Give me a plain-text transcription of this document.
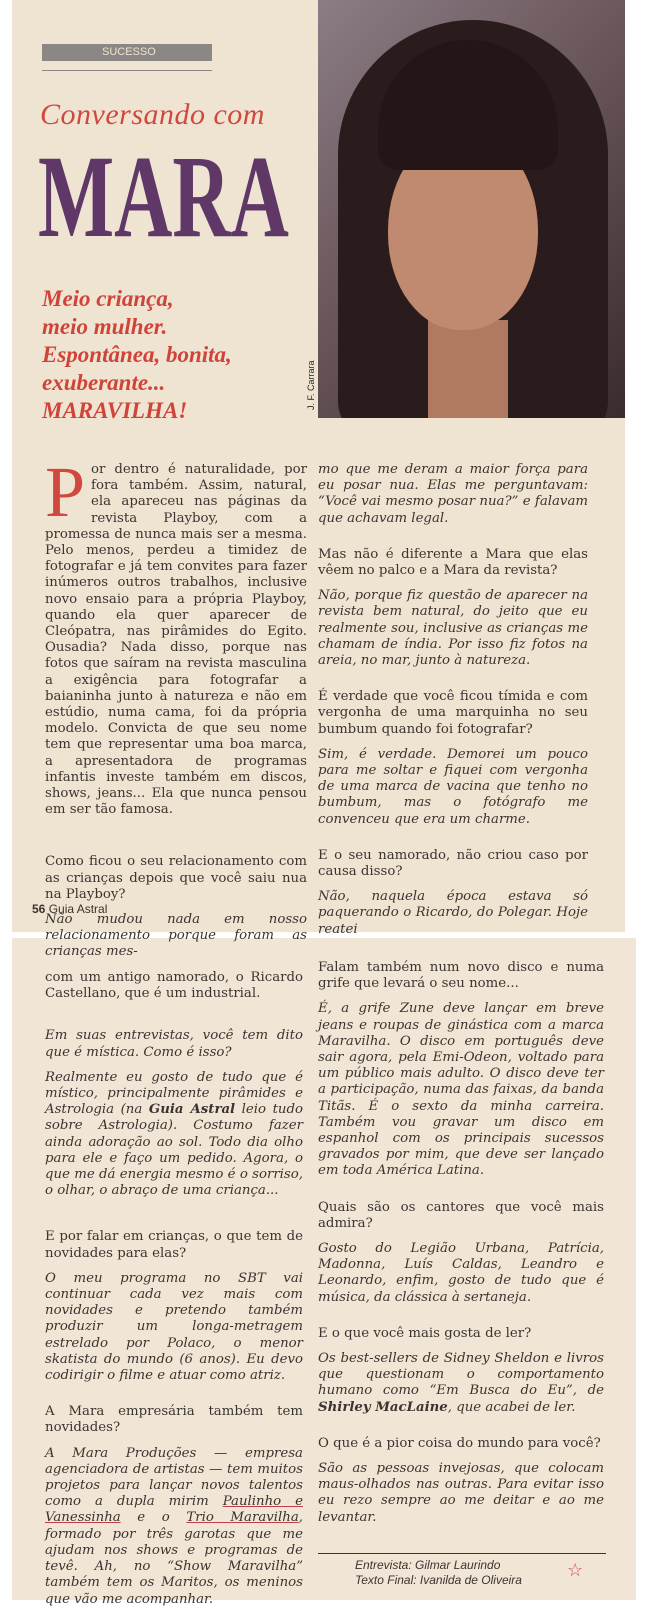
SUCESSO
Conversando com
MARA
Meio criança,
meio mulher.
Espontânea, bonita,
exuberante...
MARAVILHA!
J. F. Carrara

Por dentro é naturalidade, por fora também. Assim, natural, ela apareceu nas páginas da revista Playboy, com a promessa de nunca mais ser a mesma. Pelo menos, perdeu a timidez de fotografar e já tem convites para fazer inúmeros outros trabalhos, inclusive novo ensaio para a própria Playboy, quando ela quer aparecer de Cleópatra, nas pirâmides do Egito. Ousadia? Nada disso, porque nas fotos que saíram na revista masculina a exigência para fotografar a baianinha junto à natureza e não em estúdio, numa cama, foi da própria modelo. Convicta de que seu nome tem que representar uma boa marca, a apresentadora de programas infantis investe também em discos, shows, jeans... Ela que nunca pensou em ser tão famosa.

Como ficou o seu relacionamento com as crianças depois que você saiu nua na Playboy?

Não mudou nada em nosso relacionamento porque foram as crianças mes-

mo que me deram a maior força para eu posar nua. Elas me perguntavam: “Você vai mesmo posar nua?” e falavam que achavam legal.

Mas não é diferente a Mara que elas vêem no palco e a Mara da revista?

Não, porque fiz questão de aparecer na revista bem natural, do jeito que eu realmente sou, inclusive as crianças me chamam de índia. Por isso fiz fotos na areia, no mar, junto à natureza.

É verdade que você ficou tímida e com vergonha de uma marquinha no seu bumbum quando foi fotografar?

Sim, é verdade. Demorei um pouco para me soltar e fiquei com vergonha de uma marca de vacina que tenho no bumbum, mas o fotógrafo me convenceu que era um charme.

E o seu namorado, não criou caso por causa disso?

Não, naquela época estava só paquerando o Ricardo, do Polegar. Hoje reatei

56 Guia Astral

com um antigo namorado, o Ricardo Castellano, que é um industrial.

Em suas entrevistas, você tem dito que é mística. Como é isso?

Realmente eu gosto de tudo que é místico, principalmente pirâmides e Astrologia (na Guia Astral leio tudo sobre Astrologia). Costumo fazer ainda adoração ao sol. Todo dia olho para ele e faço um pedido. Agora, o que me dá energia mesmo é o sorriso, o olhar, o abraço de uma criança...

E por falar em crianças, o que tem de novidades para elas?

O meu programa no SBT vai continuar cada vez mais com novidades e pretendo também produzir um longa-metragem estrelado por Polaco, o menor skatista do mundo (6 anos). Eu devo codirigir o filme e atuar como atriz.

A Mara empresária também tem novidades?

A Mara Produções — empresa agenciadora de artistas — tem muitos projetos para lançar novos talentos como a dupla mirim Paulinho e Vanessinha e o Trio Maravilha, formado por três garotas que me ajudam nos shows e programas de tevê. Ah, no “Show Maravilha” também tem os Maritos, os meninos que vão me acompanhar.

Falam também num novo disco e numa grife que levará o seu nome...

É, a grife Zune deve lançar em breve jeans e roupas de ginástica com a marca Maravilha. O disco em português deve sair agora, pela Emi-Odeon, voltado para um público mais adulto. O disco deve ter a participação, numa das faixas, da banda Titãs. É o sexto da minha carreira. Também vou gravar um disco em espanhol com os principais sucessos gravados por mim, que deve ser lançado em toda América Latina.

Quais são os cantores que você mais admira?

Gosto do Legião Urbana, Patrícia, Madonna, Luís Caldas, Leandro e Leonardo, enfim, gosto de tudo que é música, da clássica à sertaneja.

E o que você mais gosta de ler?

Os best-sellers de Sidney Sheldon e livros que questionam o comportamento humano como “Em Busca do Eu”, de Shirley MacLaine, que acabei de ler.

O que é a pior coisa do mundo para você?

São as pessoas invejosas, que colocam maus-olhados nas outras. Para evitar isso eu rezo sempre ao me deitar e ao me levantar.

Entrevista: Gilmar Laurindo
Texto Final: Ivanilda de Oliveira	☆
